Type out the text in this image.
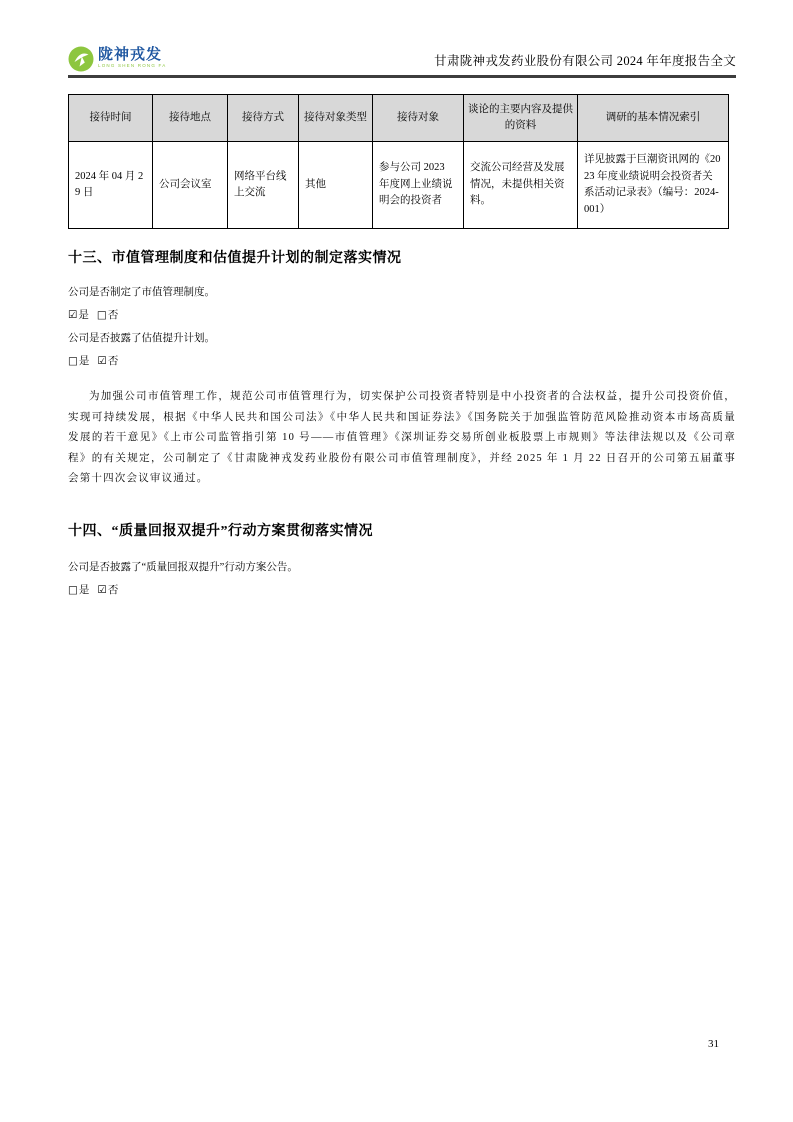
陇神戎发
LONG SHEN RONG FA	甘肃陇神戎发药业股份有限公司 2024 年年度报告全文
接待时间	接待地点	接待方式	接待对象类型	接待对象	谈论的主要内容及提供的资料	调研的基本情况索引
2024 年 04 月 29 日	公司会议室	网络平台线上交流	其他	参与公司 2023 年度网上业绩说明会的投资者	交流公司经营及发展情况，未提供相关资料。	详见披露于巨潮资讯网的《2023 年度业绩说明会投资者关系活动记录表》（编号：2024-001）
十三、市值管理制度和估值提升计划的制定落实情况

公司是否制定了市值管理制度。

☑是 □否

公司是否披露了估值提升计划。

□是 ☑否

为加强公司市值管理工作，规范公司市值管理行为，切实保护公司投资者特别是中小投资者的合法权益，提升公司投资价值，实现可持续发展，根据《中华人民共和国公司法》《中华人民共和国证券法》《国务院关于加强监管防范风险推动资本市场高质量发展的若干意见》《上市公司监管指引第 10 号——市值管理》《深圳证券交易所创业板股票上市规则》等法律法规以及《公司章程》的有关规定，公司制定了《甘肃陇神戎发药业股份有限公司市值管理制度》，并经 2025 年 1 月 22 日召开的公司第五届董事会第十四次会议审议通过。

十四、“质量回报双提升”行动方案贯彻落实情况

公司是否披露了“质量回报双提升”行动方案公告。

□是 ☑否

31
